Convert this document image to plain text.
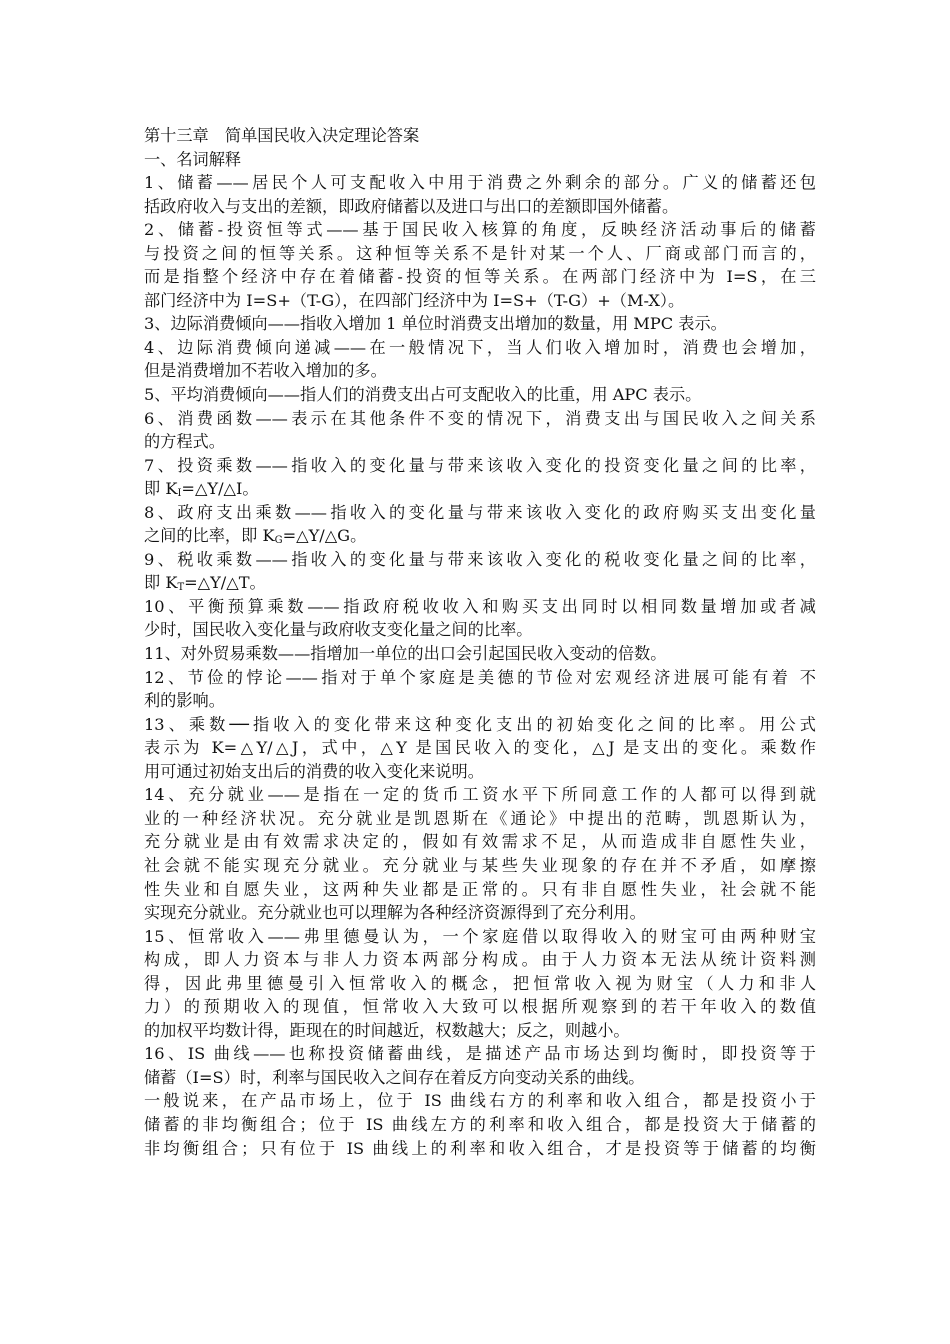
第十三章　简单国民收入决定理论答案
一、名词解释
1、储蓄——居民个人可支配收入中用于消费之外剩余的部分。广义的储蓄还包
括政府收入与支出的差额，即政府储蓄以及进口与出口的差额即国外储蓄。
2、储蓄-投资恒等式——基于国民收入核算的角度，反映经济活动事后的储蓄
与投资之间的恒等关系。这种恒等关系不是针对某一个人、厂商或部门而言的，
而是指整个经济中存在着储蓄-投资的恒等关系。在两部门经济中为 I=S，在三
部门经济中为 I=S+（T-G），在四部门经济中为 I=S+（T-G）+（M-X）。
3、边际消费倾向——指收入增加 1 单位时消费支出增加的数量，用 MPC 表示。
4、边际消费倾向递减——在一般情况下，当人们收入增加时，消费也会增加，
但是消费增加不若收入增加的多。
5、平均消费倾向——指人们的消费支出占可支配收入的比重，用 APC 表示。
6、消费函数——表示在其他条件不变的情况下，消费支出与国民收入之间关系
的方程式。
7、投资乘数——指收入的变化量与带来该收入变化的投资变化量之间的比率，
即 $K_I=\triangle Y/\triangle I$。
8、政府支出乘数——指收入的变化量与带来该收入变化的政府购买支出变化量
之间的比率，即 $K_G=\triangle Y/\triangle G$。
9、税收乘数——指收入的变化量与带来该收入变化的税收变化量之间的比率，
即 $K_T=\triangle Y/\triangle T$。
10、平衡预算乘数——指政府税收收入和购买支出同时以相同数量增加或者减
少时，国民收入变化量与政府收支变化量之间的比率。
11、对外贸易乘数——指增加一单位的出口会引起国民收入变动的倍数。
12、节俭的悖论——指对于单个家庭是美德的节俭对宏观经济进展可能有着 不
利的影响。
13、乘数──指收入的变化带来这种变化支出的初始变化之间的比率。用公式
表示为 K=△Y/△J，式中，△Y 是国民收入的变化，△J 是支出的变化。乘数作
用可通过初始支出后的消费的收入变化来说明。
14、充分就业——是指在一定的货币工资水平下所同意工作的人都可以得到就
业的一种经济状况。充分就业是凯恩斯在《通论》中提出的范畴，凯恩斯认为，
充分就业是由有效需求决定的，假如有效需求不足，从而造成非自愿性失业，
社会就不能实现充分就业。充分就业与某些失业现象的存在并不矛盾，如摩擦
性失业和自愿失业，这两种失业都是正常的。只有非自愿性失业，社会就不能
实现充分就业。充分就业也可以理解为各种经济资源得到了充分利用。
15、恒常收入——弗里德曼认为，一个家庭借以取得收入的财宝可由两种财宝
构成，即人力资本与非人力资本两部分构成。由于人力资本无法从统计资料测
得，因此弗里德曼引入恒常收入的概念，把恒常收入视为财宝（人力和非人
力）的预期收入的现值，恒常收入大致可以根据所观察到的若干年收入的数值
的加权平均数计得，距现在的时间越近，权数越大；反之，则越小。
16、IS 曲线——也称投资储蓄曲线，是描述产品市场达到均衡时，即投资等于
储蓄（I=S）时，利率与国民收入之间存在着反方向变动关系的曲线。
一般说来，在产品市场上，位于 IS 曲线右方的利率和收入组合，都是投资小于
储蓄的非均衡组合；位于 IS 曲线左方的利率和收入组合，都是投资大于储蓄的
非均衡组合；只有位于 IS 曲线上的利率和收入组合，才是投资等于储蓄的均衡
